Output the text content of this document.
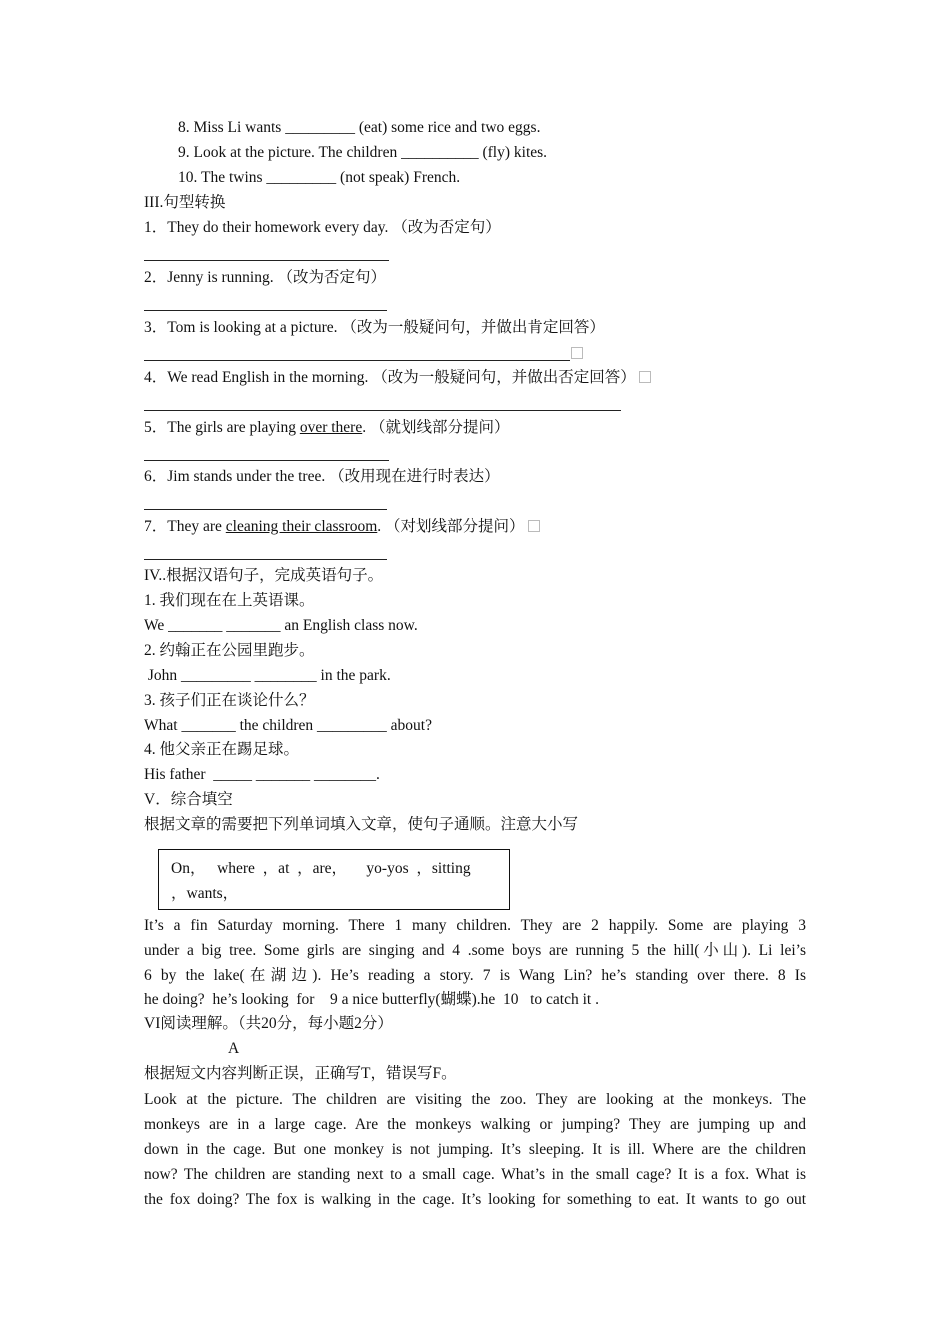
8. Miss Li wants _________ (eat) some rice and two eggs.
9. Look at the picture. The children __________ (fly) kites.
10. The twins _________ (not speak) French.
III.句型转换
1．They do their homework every day. （改为否定句）
2．Jenny is running. （改为否定句）
3．Tom is looking at a picture. （改为一般疑问句，并做出肯定回答）
4．We read English in the morning. （改为一般疑问句，并做出否定回答）
5．The girls are playing over there. （就划线部分提问）
6．Jim stands under the tree. （改用现在进行时表达）
7．They are cleaning their classroom. （对划线部分提问）
IV..根据汉语句子，完成英语句子。
1. 我们现在在上英语课。
We _______ _______ an English class now.
2. 约翰正在公园里跑步。
John _________ ________ in the park.
3. 孩子们正在谈论什么？
What _______ the children _________ about?
4. 他父亲正在踢足球。
His father  _____ _______ ________.
V．综合填空
根据文章的需要把下列单词填入文章，使句子通顺。注意大小写
On，   where  ，at  ，are，     yo-yos  ，sitting
，wants，
It’s a fin Saturday morning. There 1 many children. They are 2 happily. Some are playing 3
under a big tree. Some girls are singing and 4 .some boys are running 5 the hill(小山). Li lei’s
6 by the lake(在湖边). He’s reading a story. 7 is Wang Lin? he’s standing over there. 8 Is
he doing?  he’s looking  for    9 a nice butterfly(蝴蝶).he  10   to catch it .
VI阅读理解。（共20分，每小题2分）
A
根据短文内容判断正误，正确写T，错误写F。
Look at the picture. The children are visiting the zoo. They are looking at the monkeys. The
monkeys are in a large cage. Are the monkeys walking or jumping? They are jumping up and
down in the cage. But one monkey is not jumping. It’s sleeping. It is ill. Where are the children
now? The children are standing next to a small cage. What’s in the small cage? It is a fox. What is
the fox doing? The fox is walking in the cage. It’s looking for something to eat. It wants to go out
